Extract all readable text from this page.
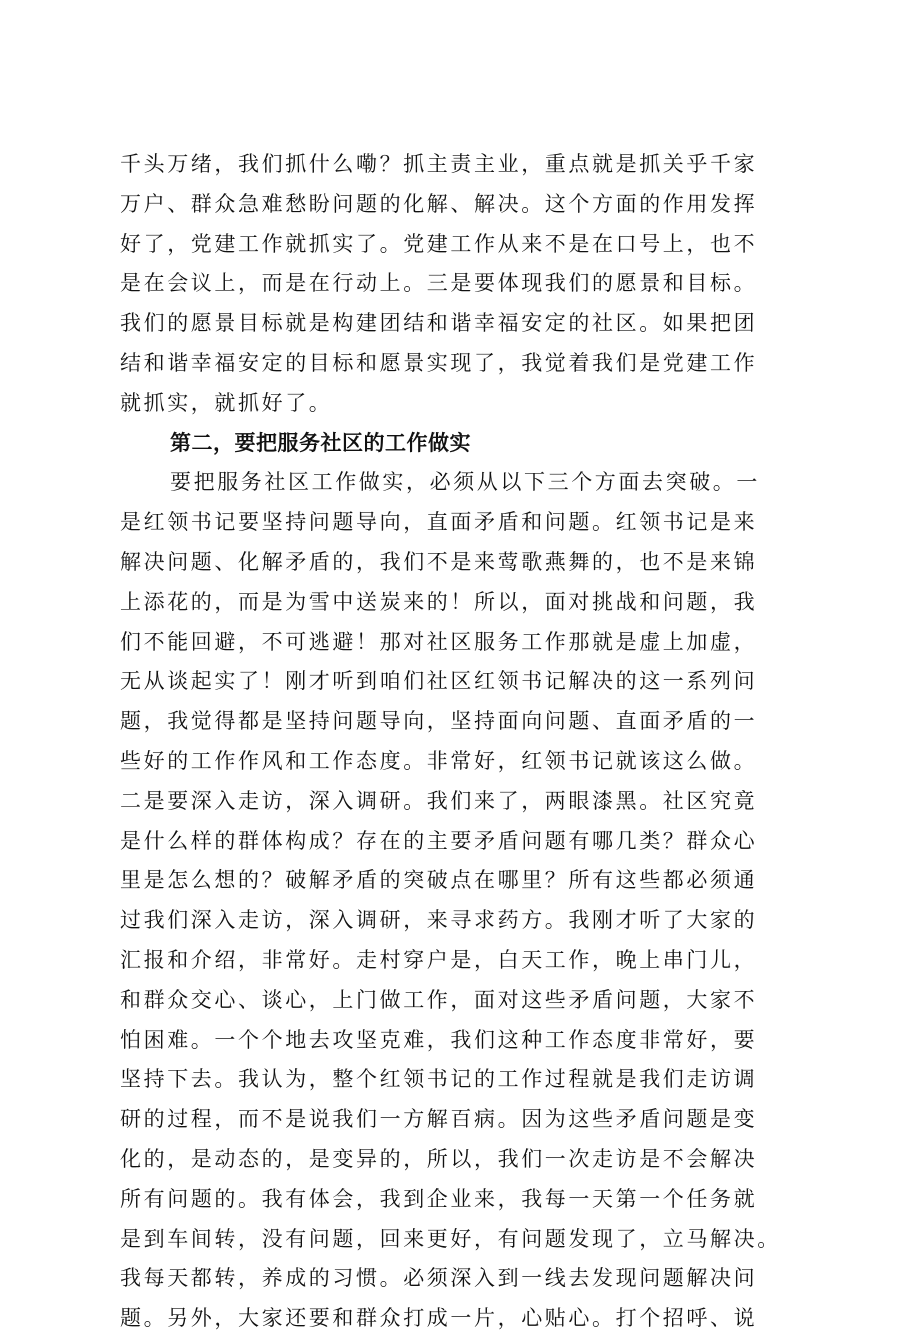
千头万绪，我们抓什么嘞？抓主责主业，重点就是抓关乎千家
万户、群众急难愁盼问题的化解、解决。这个方面的作用发挥
好了，党建工作就抓实了。党建工作从来不是在口号上，也不
是在会议上，而是在行动上。三是要体现我们的愿景和目标。
我们的愿景目标就是构建团结和谐幸福安定的社区。如果把团
结和谐幸福安定的目标和愿景实现了，我觉着我们是党建工作
就抓实，就抓好了。
第二，要把服务社区的工作做实
要把服务社区工作做实，必须从以下三个方面去突破。一
是红领书记要坚持问题导向，直面矛盾和问题。红领书记是来
解决问题、化解矛盾的，我们不是来莺歌燕舞的，也不是来锦
上添花的，而是为雪中送炭来的！所以，面对挑战和问题，我
们不能回避，不可逃避！那对社区服务工作那就是虚上加虚，
无从谈起实了！刚才听到咱们社区红领书记解决的这一系列问
题，我觉得都是坚持问题导向，坚持面向问题、直面矛盾的一
些好的工作作风和工作态度。非常好，红领书记就该这么做。
二是要深入走访，深入调研。我们来了，两眼漆黑。社区究竟
是什么样的群体构成？存在的主要矛盾问题有哪几类？群众心
里是怎么想的？破解矛盾的突破点在哪里？所有这些都必须通
过我们深入走访，深入调研，来寻求药方。我刚才听了大家的
汇报和介绍，非常好。走村穿户是，白天工作，晚上串门儿，
和群众交心、谈心，上门做工作，面对这些矛盾问题，大家不
怕困难。一个个地去攻坚克难，我们这种工作态度非常好，要
坚持下去。我认为，整个红领书记的工作过程就是我们走访调
研的过程，而不是说我们一方解百病。因为这些矛盾问题是变
化的，是动态的，是变异的，所以，我们一次走访是不会解决
所有问题的。我有体会，我到企业来，我每一天第一个任务就
是到车间转，没有问题，回来更好，有问题发现了，立马解决。
我每天都转，养成的习惯。必须深入到一线去发现问题解决问
题。另外，大家还要和群众打成一片，心贴心。打个招呼、说
